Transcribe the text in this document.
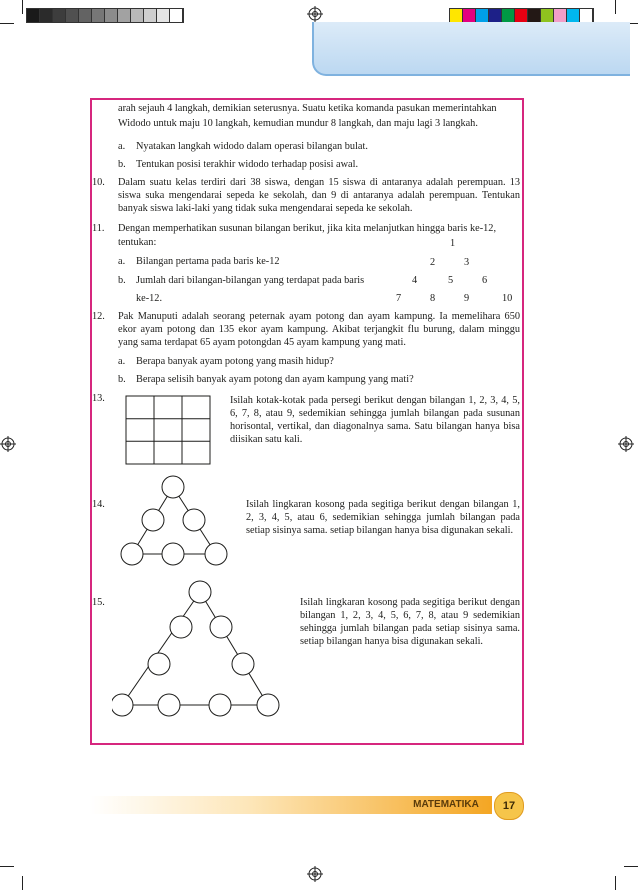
arah sejauh 4 langkah, demikian seterusnya. Suatu ketika komanda pasukan memerintahkan
Widodo untuk maju 10 langkah, kemudian mundur 8 langkah, dan maju lagi 3 langkah.
a. Nyatakan langkah widodo dalam operasi bilangan bulat.
b. Tentukan posisi terakhir widodo terhadap posisi awal.
10. Dalam suatu kelas terdiri dari 38 siswa, dengan 15 siswa di antaranya adalah perempuan. 13 siswa suka mengendarai sepeda ke sekolah, dan 9 di antaranya adalah perempuan. Tentukan banyak siswa laki-laki yang tidak suka mengendarai sepeda ke sekolah.
11. Dengan memperhatikan susunan bilangan berikut, jika kita melanjutkan hingga baris ke-12,
tentukan:
a. Bilangan pertama pada baris ke-12
b. Jumlah dari bilangan-bilangan yang terdapat pada baris
ke-12.
1
2	3
4	5	6
7	8	9	10
12. Pak Manuputi adalah seorang peternak ayam potong dan ayam kampung. Ia memelihara 650 ekor ayam potong dan 135 ekor ayam kampung. Akibat terjangkit flu burung, dalam minggu yang sama terdapat 65 ayam potongdan 45 ayam kampung yang mati.
a. Berapa banyak ayam potong yang masih hidup?
b. Berapa selisih banyak ayam potong dan ayam kampung yang mati?
13.	Isilah kotak-kotak pada persegi berikut dengan bilangan 1, 2, 3, 4, 5, 6, 7, 8, atau 9, sedemikian sehingga jumlah bilangan pada susunan horisontal, vertikal, dan diagonalnya sama. Satu bilangan hanya bisa diisikan satu kali.
14.	Isilah lingkaran kosong pada segitiga berikut dengan bilangan 1, 2, 3, 4, 5, atau 6, sedemikian sehingga jumlah bilangan pada setiap sisinya sama. setiap bilangan hanya bisa digunakan sekali.
15.	Isilah lingkaran kosong pada segitiga berikut dengan bilangan 1, 2, 3, 4, 5, 6, 7, 8, atau 9 sedemikian sehingga jumlah bilangan pada setiap sisinya sama. setiap bilangan hanya bisa digunakan sekali.
MATEMATIKA	17
